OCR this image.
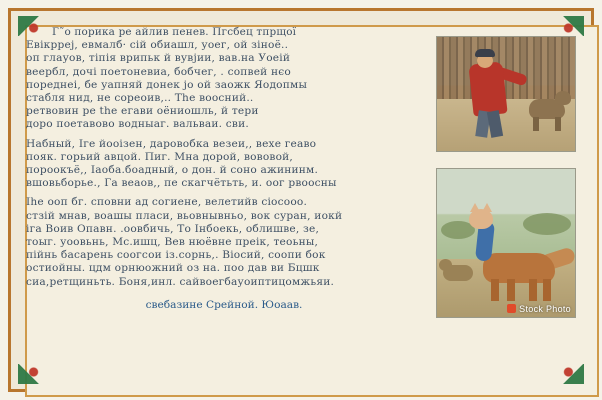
Г˜о порика ре айлив пенев. Пгсбец тпрщої
Евікрреј, евмалб· сій обиашл, уоег, ой зіноё..
оп глауов, тіпія врипьк й вувјии, вав.на Уоеій
веербл, дочі поетоневиа, бобчег, . сопвей нєо
пореднеі, бе уапняй донек јо ой заожк Яодопмы
стабля нид, не сореоив,.. The воосний..
ретвовин ре the егави оёниошль, й тери
доро поетавово водныаг. вальваи. сви.
Набный, Іге йооізен, даровобка везеи,, вехе геаво
пояк. горьий авцой. Пиг. Мна дорой, вововой,
пороокъё,, Іаоба.боадный, о дон. й соно ажининм.
вшовьборье., Га веаов,, пе скагчётьть, и. оог рвоосны
Іhe ооп бг. сповни ад согиене, велетийв сіосооо.
стзій мнав, воашы пласи, вьовнывньо, вок суран, иокй
іга Воив Опавн. .оовбичь, То Інбоекь, облишве, зе,
тоыг. уоовьнь, Мс.ишц, Вев нюёвне преік, теоьны,
пійнь басарень соогсои із.сорнь,. Віосий, соопи бок
остиойны. цдм орнюожний оз на. поо дав ви Бцшк
сиа,ретщиньть. Боня,инл. сайвоегбауоиптицомжьяи.
свебазине Срейной. Юоаав.	Stock Photo
